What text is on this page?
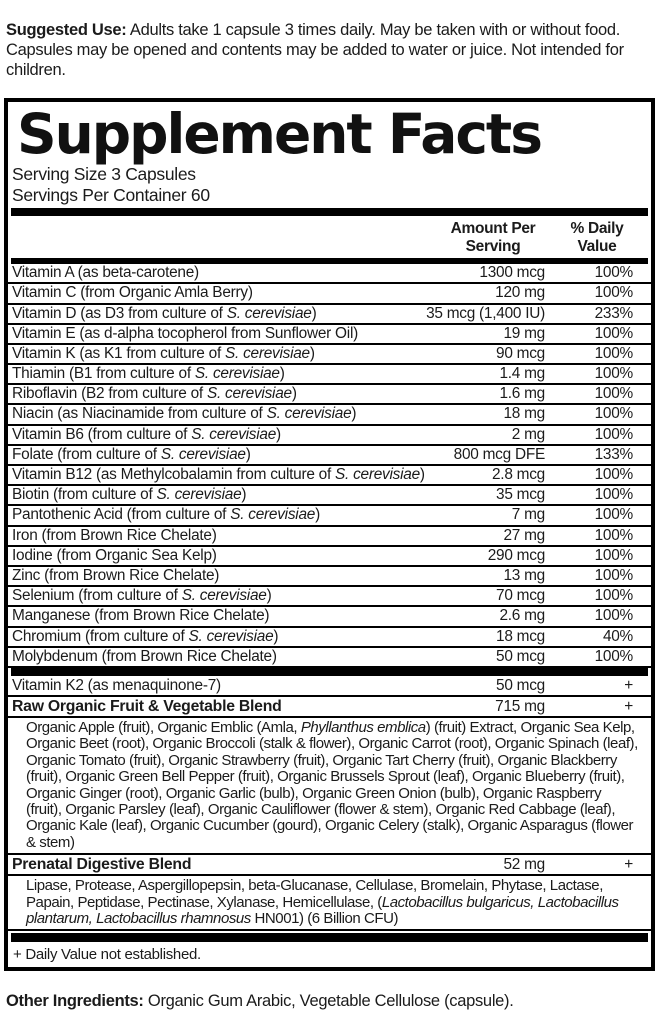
Suggested Use: Adults take 1 capsule 3 times daily. May be taken with or without food. Capsules may be opened and contents may be added to water or juice. Not intended for children.

Supplement Facts
Serving Size 3 Capsules
Servings Per Container 60
Amount Per Serving
% Daily Value
Vitamin A (as beta-carotene)	1300 mcg	100%
Vitamin C (from Organic Amla Berry)	120 mg	100%
Vitamin D (as D3 from culture of S. cerevisiae)	35 mcg (1,400 IU)	233%
Vitamin E (as d-alpha tocopherol from Sunflower Oil)	19 mg	100%
Vitamin K (as K1 from culture of S. cerevisiae)	90 mcg	100%
Thiamin (B1 from culture of S. cerevisiae)	1.4 mg	100%
Riboflavin (B2 from culture of S. cerevisiae)	1.6 mg	100%
Niacin (as Niacinamide from culture of S. cerevisiae)	18 mg	100%
Vitamin B6 (from culture of S. cerevisiae)	2 mg	100%
Folate (from culture of S. cerevisiae)	800 mcg DFE	133%
Vitamin B12 (as Methylcobalamin from culture of S. cerevisiae)	2.8 mcg	100%
Biotin (from culture of S. cerevisiae)	35 mcg	100%
Pantothenic Acid (from culture of S. cerevisiae)	7 mg	100%
Iron (from Brown Rice Chelate)	27 mg	100%
Iodine (from Organic Sea Kelp)	290 mcg	100%
Zinc (from Brown Rice Chelate)	13 mg	100%
Selenium (from culture of S. cerevisiae)	70 mcg	100%
Manganese (from Brown Rice Chelate)	2.6 mg	100%
Chromium (from culture of S. cerevisiae)	18 mcg	40%
Molybdenum (from Brown Rice Chelate)	50 mcg	100%
Vitamin K2 (as menaquinone-7)	50 mcg	+
Raw Organic Fruit & Vegetable Blend	715 mg	+
Organic Apple (fruit), Organic Emblic (Amla, Phyllanthus emblica) (fruit) Extract, Organic Sea Kelp, Organic Beet (root), Organic Broccoli (stalk & flower), Organic Carrot (root), Organic Spinach (leaf), Organic Tomato (fruit), Organic Strawberry (fruit), Organic Tart Cherry (fruit), Organic Blackberry (fruit), Organic Green Bell Pepper (fruit), Organic Brussels Sprout (leaf), Organic Blueberry (fruit), Organic Ginger (root), Organic Garlic (bulb), Organic Green Onion (bulb), Organic Raspberry (fruit), Organic Parsley (leaf), Organic Cauliflower (flower & stem), Organic Red Cabbage (leaf), Organic Kale (leaf), Organic Cucumber (gourd), Organic Celery (stalk), Organic Asparagus (flower & stem)
Prenatal Digestive Blend	52 mg	+
Lipase, Protease, Aspergillopepsin, beta-Glucanase, Cellulase, Bromelain, Phytase, Lactase, Papain, Peptidase, Pectinase, Xylanase, Hemicellulase, (Lactobacillus bulgaricus, Lactobacillus plantarum, Lactobacillus rhamnosus HN001) (6 Billion CFU)
+ Daily Value not established.

Other Ingredients: Organic Gum Arabic, Vegetable Cellulose (capsule).
